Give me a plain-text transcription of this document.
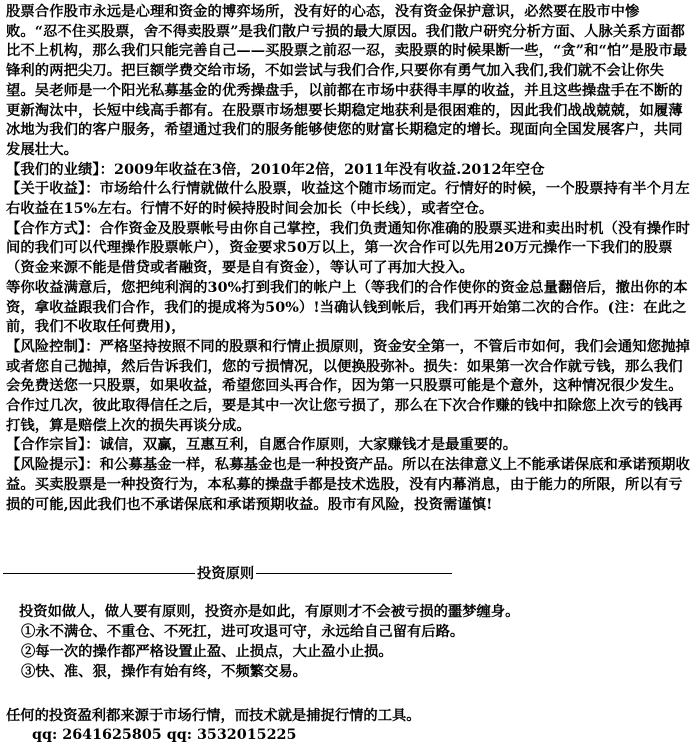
股票合作股市永远是心理和资金的博弈场所，没有好的心态，没有资金保护意识，必然要在股市中惨败。“忍不住买股票，舍不得卖股票”是我们散户亏损的最大原因。我们散户研究分析方面、人脉关系方面都比不上机构，那么我们只能完善自己——买股票之前忍一忍，卖股票的时候果断一些，“贪”和“怕”是股市最锋利的两把尖刀。把巨额学费交给市场，不如尝试与我们合作,只要你有勇气加入我们,我们就不会让你失望。吴老师是一个阳光私募基金的优秀操盘手，以前都在市场中获得丰厚的收益，并且这些操盘手在不断的更新淘汰中，长短中线高手都有。在股票市场想要长期稳定地获利是很困难的，因此我们战战兢兢，如履薄冰地为我们的客户服务，希望通过我们的服务能够使您的财富长期稳定的增长。现面向全国发展客户，共同发展壮大。

【我们的业绩】：2009年收益在3倍，2010年2倍，2011年没有收益.2012年空仓

【关于收益】：市场给什么行情就做什么股票，收益这个随市场而定。行情好的时候，一个股票持有半个月左右收益在15%左右。行情不好的时候持股时间会加长（中长线），或者空仓。

【合作方式】：合作资金及股票帐号由你自己掌控，我们负责通知你准确的股票买进和卖出时机（没有操作时间的我们可以代理操作股票帐户），资金要求50万以上，第一次合作可以先用20万元操作一下我们的股票（资金来源不能是借贷或者融资，要是自有资金），等认可了再加大投入。

等你收益满意后，您把纯利润的30%打到我们的帐户上（等我们的合作使你的资金总量翻倍后，撤出你的本资，拿收益跟我们合作，我们的提成将为50%）!当确认钱到帐后，我们再开始第二次的合作。(注：在此之前，我们不收取任何费用)，

【风险控制】：严格坚持按照不同的股票和行情止损原则，资金安全第一，不管后市如何，我们会通知您抛掉或者您自己抛掉，然后告诉我们，您的亏损情况，以便换股弥补。损失：如果第一次合作就亏钱，那么我们会免费送您一只股票，如果收益，希望您回头再合作，因为第一只股票可能是个意外，这种情况很少发生。合作过几次，彼此取得信任之后，要是其中一次让您亏损了，那么在下次合作赚的钱中扣除您上次亏的钱再打钱，算是赔偿上次的损失再谈分成。

【合作宗旨】：诚信，双赢，互惠互利，自愿合作原则，大家赚钱才是最重要的。

【风险提示】：和公募基金一样，私募基金也是一种投资产品。所以在法律意义上不能承诺保底和承诺预期收益。买卖股票是一种投资行为，本私募的操盘手都是技术选股，没有内幕消息，由于能力的所限，所以有亏损的可能,因此我们也不承诺保底和承诺预期收益。股市有风险，投资需谨慎!

投资原则

投资如做人，做人要有原则，投资亦是如此，有原则才不会被亏损的噩梦缠身。

①永不满仓、不重仓、不死扛，进可攻退可守，永远给自己留有后路。

②每一次的操作都严格设置止盈、止损点，大止盈小止损。

③快、准、狠，操作有始有终，不频繁交易。

任何的投资盈利都来源于市场行情，而技术就是捕捉行情的工具。

qq: 2641625805 qq: 3532015225
